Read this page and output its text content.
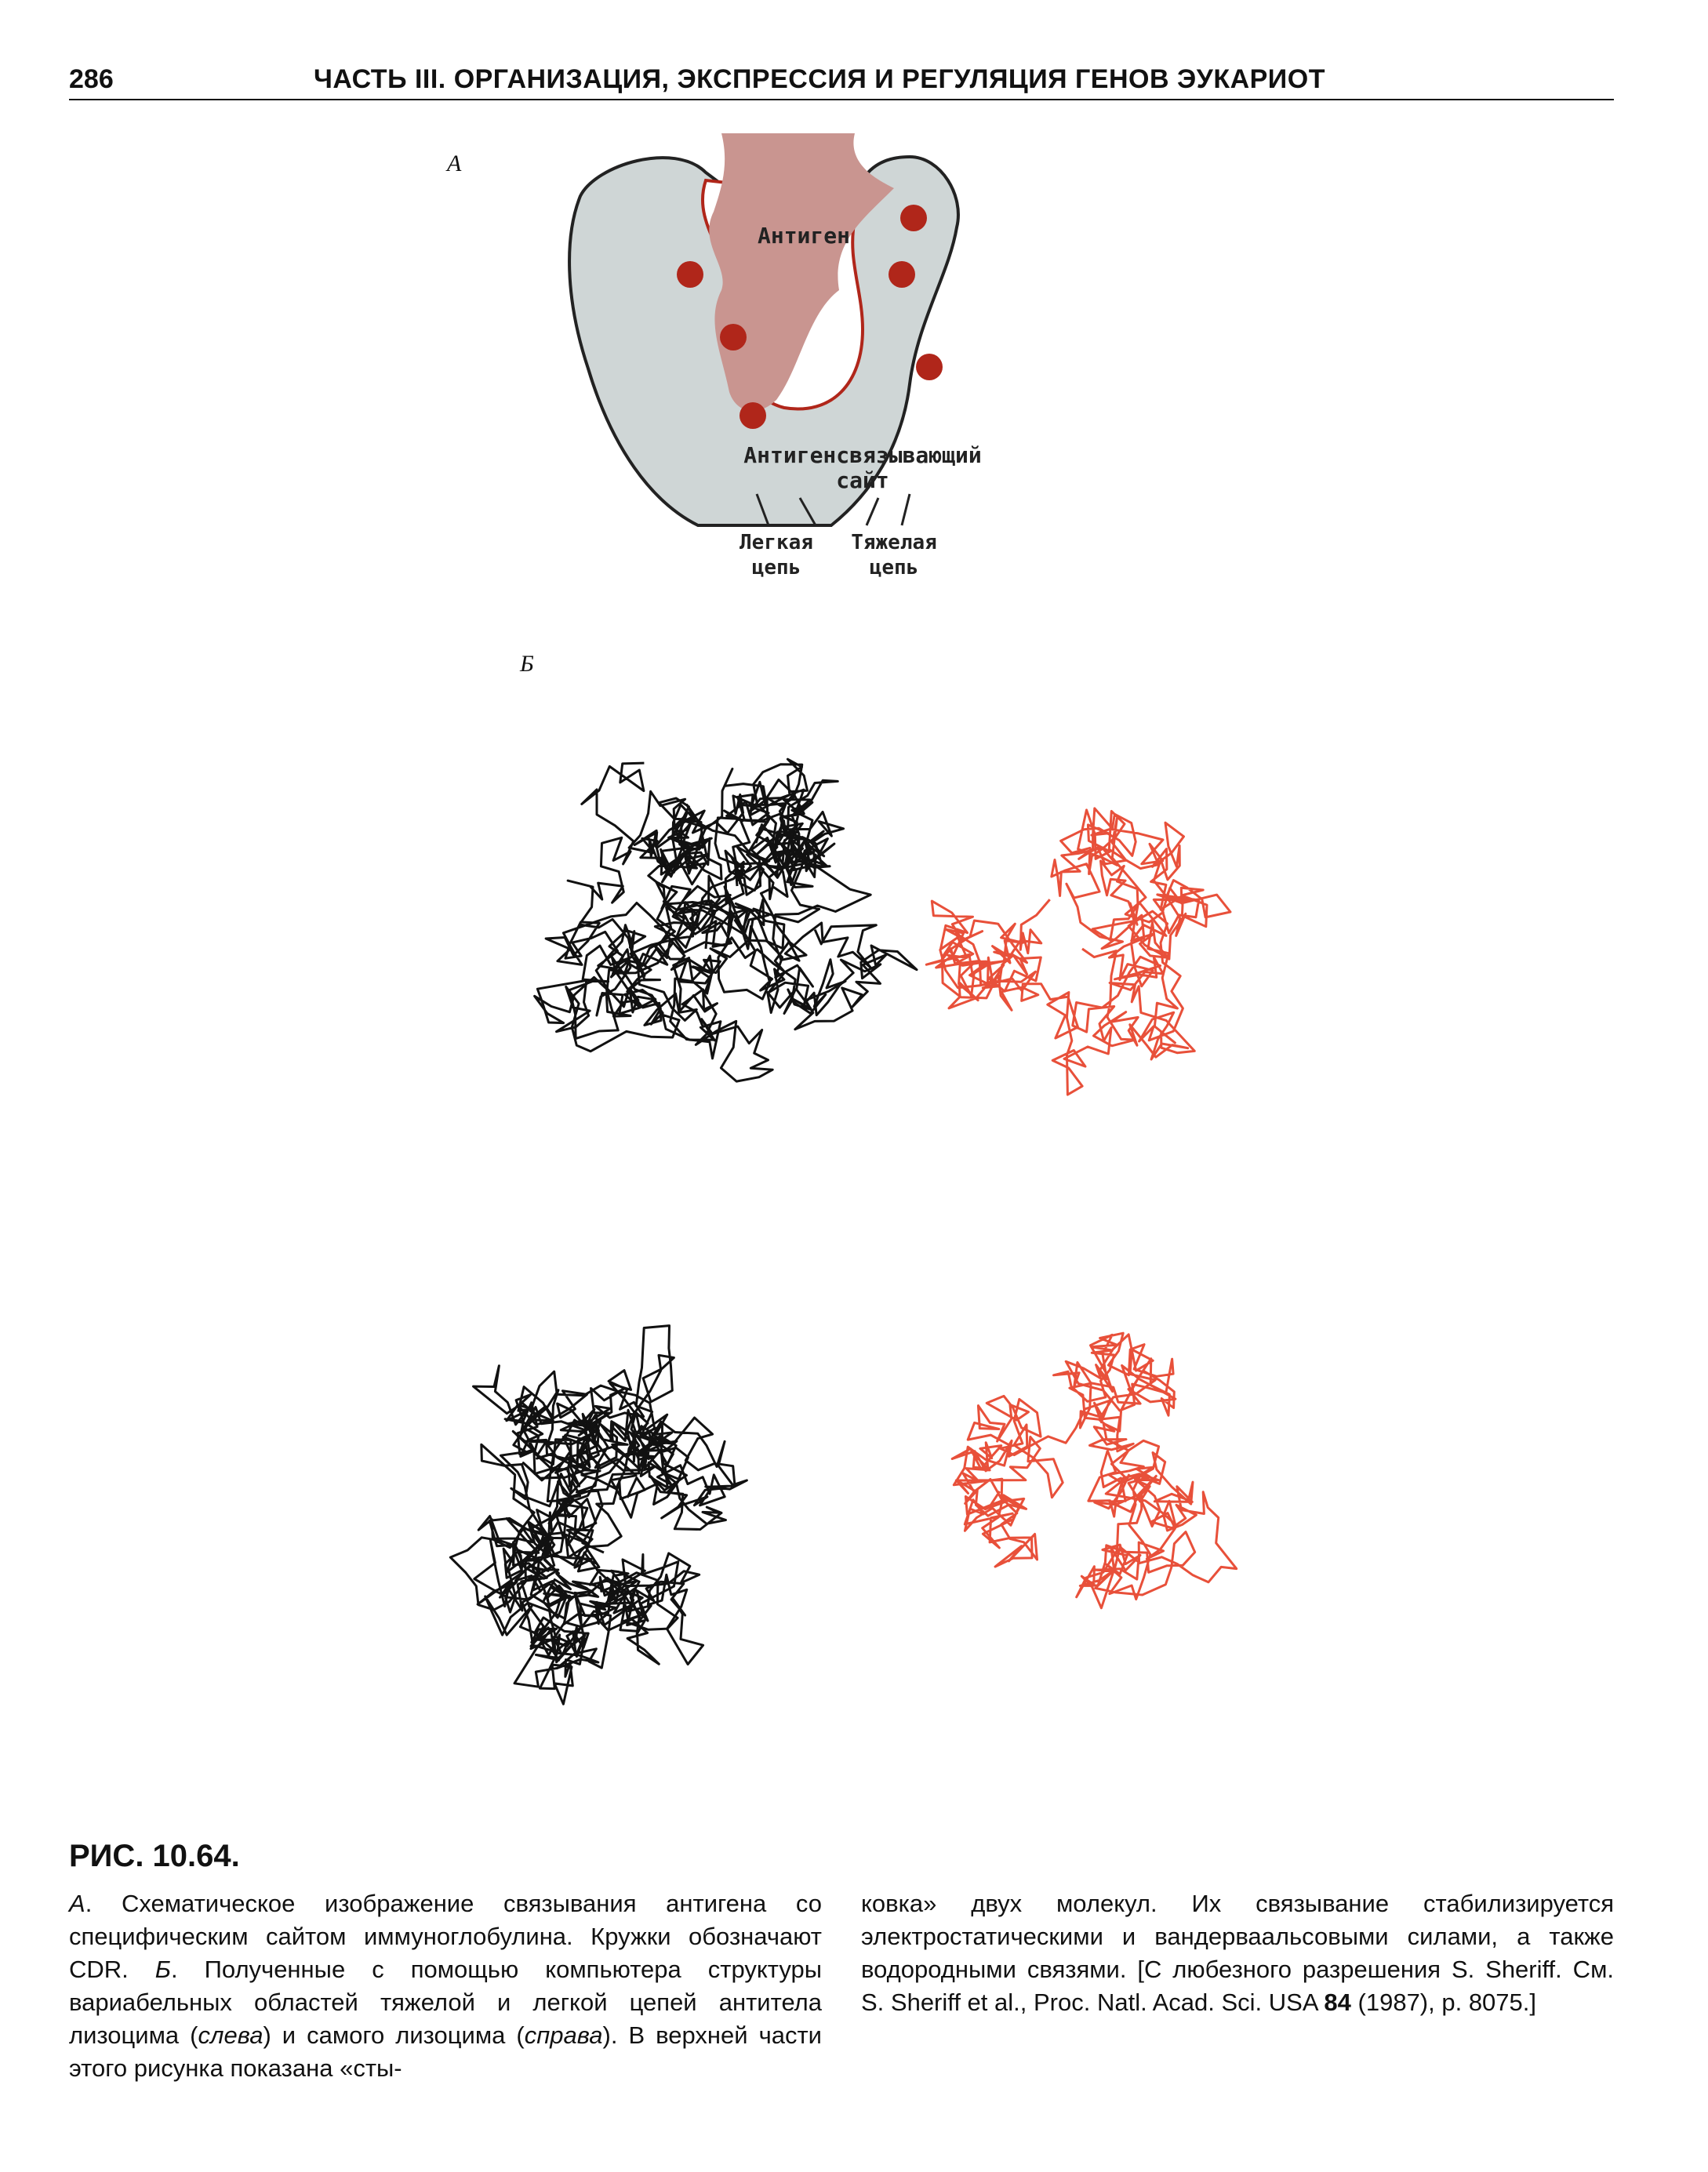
286	ЧАСТЬ III. ОРГАНИЗАЦИЯ, ЭКСПРЕССИЯ И РЕГУЛЯЦИЯ ГЕНОВ ЭУКАРИОТ
А
Антиген
Антигенсвязывающий
сайт
Легкая
цепь
Тяжелая
цепь
Б
РИС. 10.64.
А. Схематическое изображение связывания антигена со специфическим сайтом иммуноглобулина. Кружки обозначают CDR. Б. Полученные с помощью компьютера структуры вариабельных областей тяжелой и легкой цепей антитела лизоцима (слева) и самого лизоцима (справа). В верхней части этого рисунка показана «сты-
ковка» двух молекул. Их связывание стабилизируется электростатическими и вандерваальсовыми силами, а также водородными связями. [С любезного разрешения S. Sheriff. См. S. Sheriff et al., Proc. Natl. Acad. Sci. USA 84 (1987), p. 8075.]
